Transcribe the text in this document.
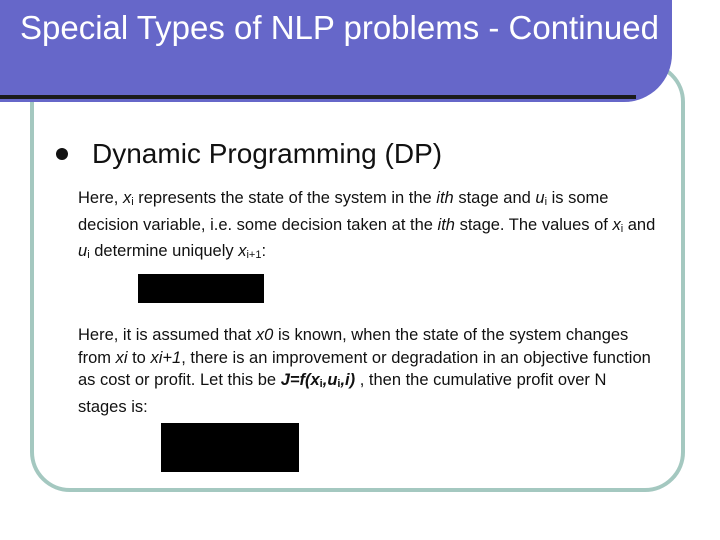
Special Types of NLP problems - Continued
Dynamic Programming (DP)

Here, xi represents the state of the system in the ith stage and ui is some decision variable, i.e. some decision taken at the ith stage. The values of xi and ui determine uniquely xi+1:

Here, it is assumed that x0 is known, when the state of the system changes from xi to xi+1, there is an improvement or degradation in an objective function as cost or profit. Let this be J=f(xi,ui,i) , then the cumulative profit over N stages is:
